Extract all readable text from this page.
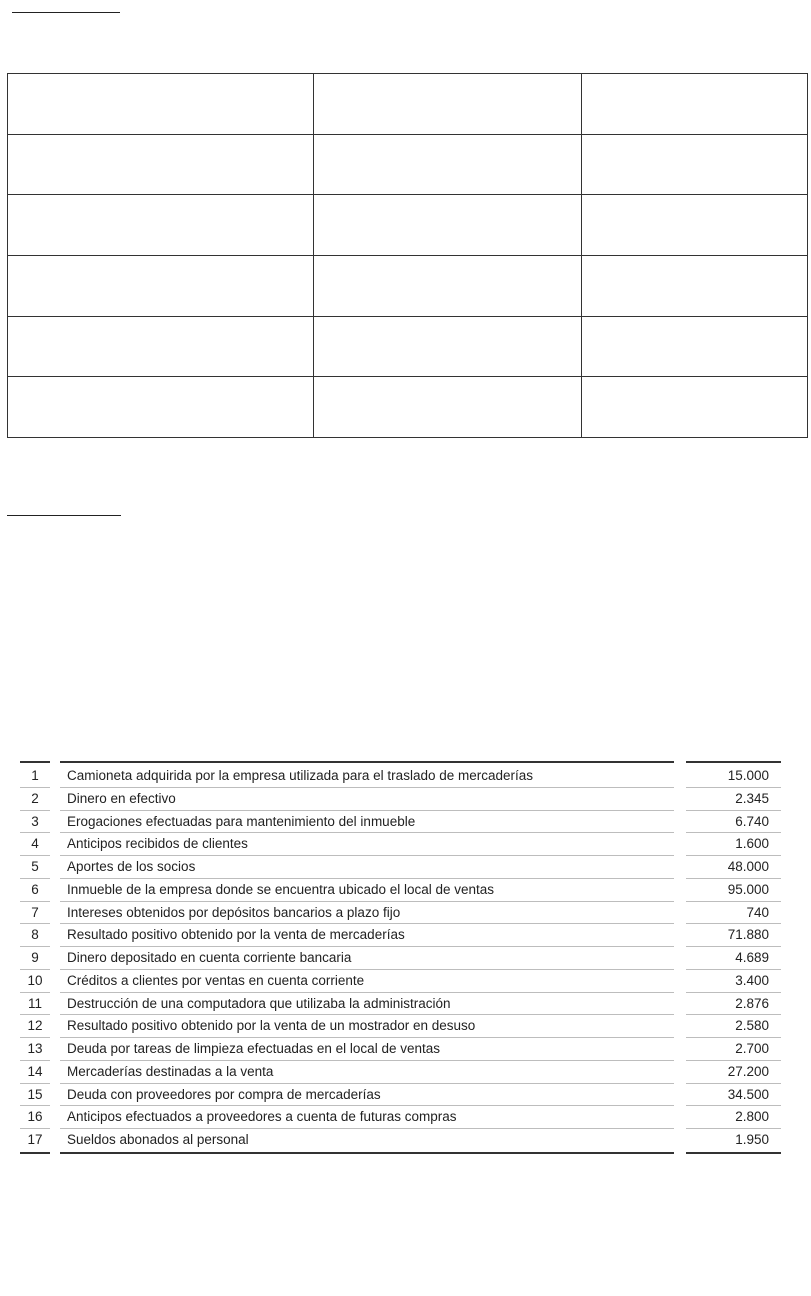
1	Camioneta adquirida por la empresa utilizada para el traslado de mercaderías	15.000
2	Dinero en efectivo	2.345
3	Erogaciones efectuadas para mantenimiento del inmueble	6.740
4	Anticipos recibidos de clientes	1.600
5	Aportes de los socios	48.000
6	Inmueble de la empresa donde se encuentra ubicado el local de ventas	95.000
7	Intereses obtenidos por depósitos bancarios a plazo fijo	740
8	Resultado positivo obtenido por la venta de mercaderías	71.880
9	Dinero depositado en cuenta corriente bancaria	4.689
10	Créditos a clientes por ventas en cuenta corriente	3.400
11	Destrucción de una computadora que utilizaba la administración	2.876
12	Resultado positivo obtenido por la venta de un mostrador en desuso	2.580
13	Deuda por tareas de limpieza efectuadas en el local de ventas	2.700
14	Mercaderías destinadas a la venta	27.200
15	Deuda con proveedores por compra de mercaderías	34.500
16	Anticipos efectuados a proveedores a cuenta de futuras compras	2.800
17	Sueldos abonados al personal	1.950
